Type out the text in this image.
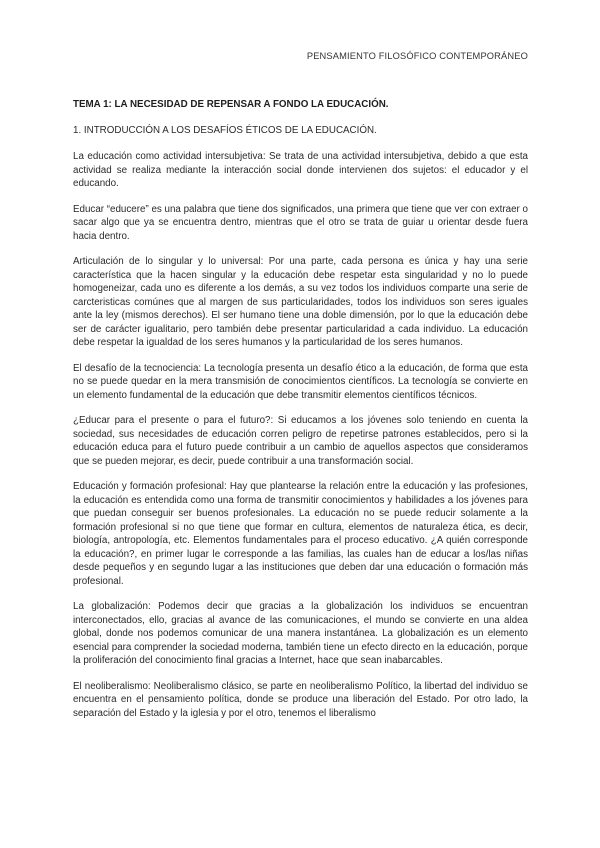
PENSAMIENTO FILOSÓFICO CONTEMPORÁNEO
TEMA 1: LA NECESIDAD DE REPENSAR A FONDO LA EDUCACIÓN.
1. INTRODUCCIÓN A LOS DESAFÍOS ÉTICOS DE LA EDUCACIÓN.

La educación como actividad intersubjetiva: Se trata de una actividad intersubjetiva, debido a que esta actividad se realiza mediante la interacción social donde intervienen dos sujetos: el educador y el educando.

Educar “educere” es una palabra que tiene dos significados, una primera que tiene que ver con extraer o sacar algo que ya se encuentra dentro, mientras que el otro se trata de guiar u orientar desde fuera hacia dentro.

Articulación de lo singular y lo universal: Por una parte, cada persona es única y hay una serie característica que la hacen singular y la educación debe respetar esta singularidad y no lo puede homogeneizar, cada uno es diferente a los demás, a su vez todos los individuos comparte una serie de carcteristicas comúnes que al margen de sus particularidades, todos los individuos son seres iguales ante la ley (mismos derechos). El ser humano tiene una doble dimensión, por lo que la educación debe ser de carácter igualitario, pero también debe presentar particularidad a cada individuo. La educación debe respetar la igualdad de los seres humanos y la particularidad de los seres humanos.

El desafío de la tecnociencia: La tecnología presenta un desafío ético a la educación, de forma que esta no se puede quedar en la mera transmisión de conocimientos científicos. La tecnología se convierte en un elemento fundamental de la educación que debe transmitir elementos científicos técnicos.

¿Educar para el presente o para el futuro?: Si educamos a los jóvenes solo teniendo en cuenta la sociedad, sus necesidades de educación corren peligro de repetirse patrones establecidos, pero si la educación educa para el futuro puede contribuir a un cambio de aquellos aspectos que consideramos que se pueden mejorar, es decir, puede contribuir a una transformación social.

Educación y formación profesional: Hay que plantearse la relación entre la educación y las profesiones, la educación es entendida como una forma de transmitir conocimientos y habilidades a los jóvenes para que puedan conseguir ser buenos profesionales. La educación no se puede reducir solamente a la formación profesional si no que tiene que formar en cultura, elementos de naturaleza ética, es decir, biología, antropología, etc. Elementos fundamentales para el proceso educativo. ¿A quién corresponde la educación?, en primer lugar le corresponde a las familias, las cuales han de educar a los/las niñas desde pequeños y en segundo lugar a las instituciones que deben dar una educación o formación más profesional.

La globalización: Podemos decir que gracias a la globalización los individuos se encuentran interconectados, ello, gracias al avance de las comunicaciones, el mundo se convierte en una aldea global, donde nos podemos comunicar de una manera instantánea. La globalización es un elemento esencial para comprender la sociedad moderna, también tiene un efecto directo en la educación, porque la proliferación del conocimiento final gracias a Internet, hace que sean inabarcables.

El neoliberalismo: Neoliberalismo clásico, se parte en neoliberalismo Político, la libertad del individuo se encuentra en el pensamiento política, donde se produce una liberación del Estado. Por otro lado, la separación del Estado y la iglesia y por el otro, tenemos el liberalismo
